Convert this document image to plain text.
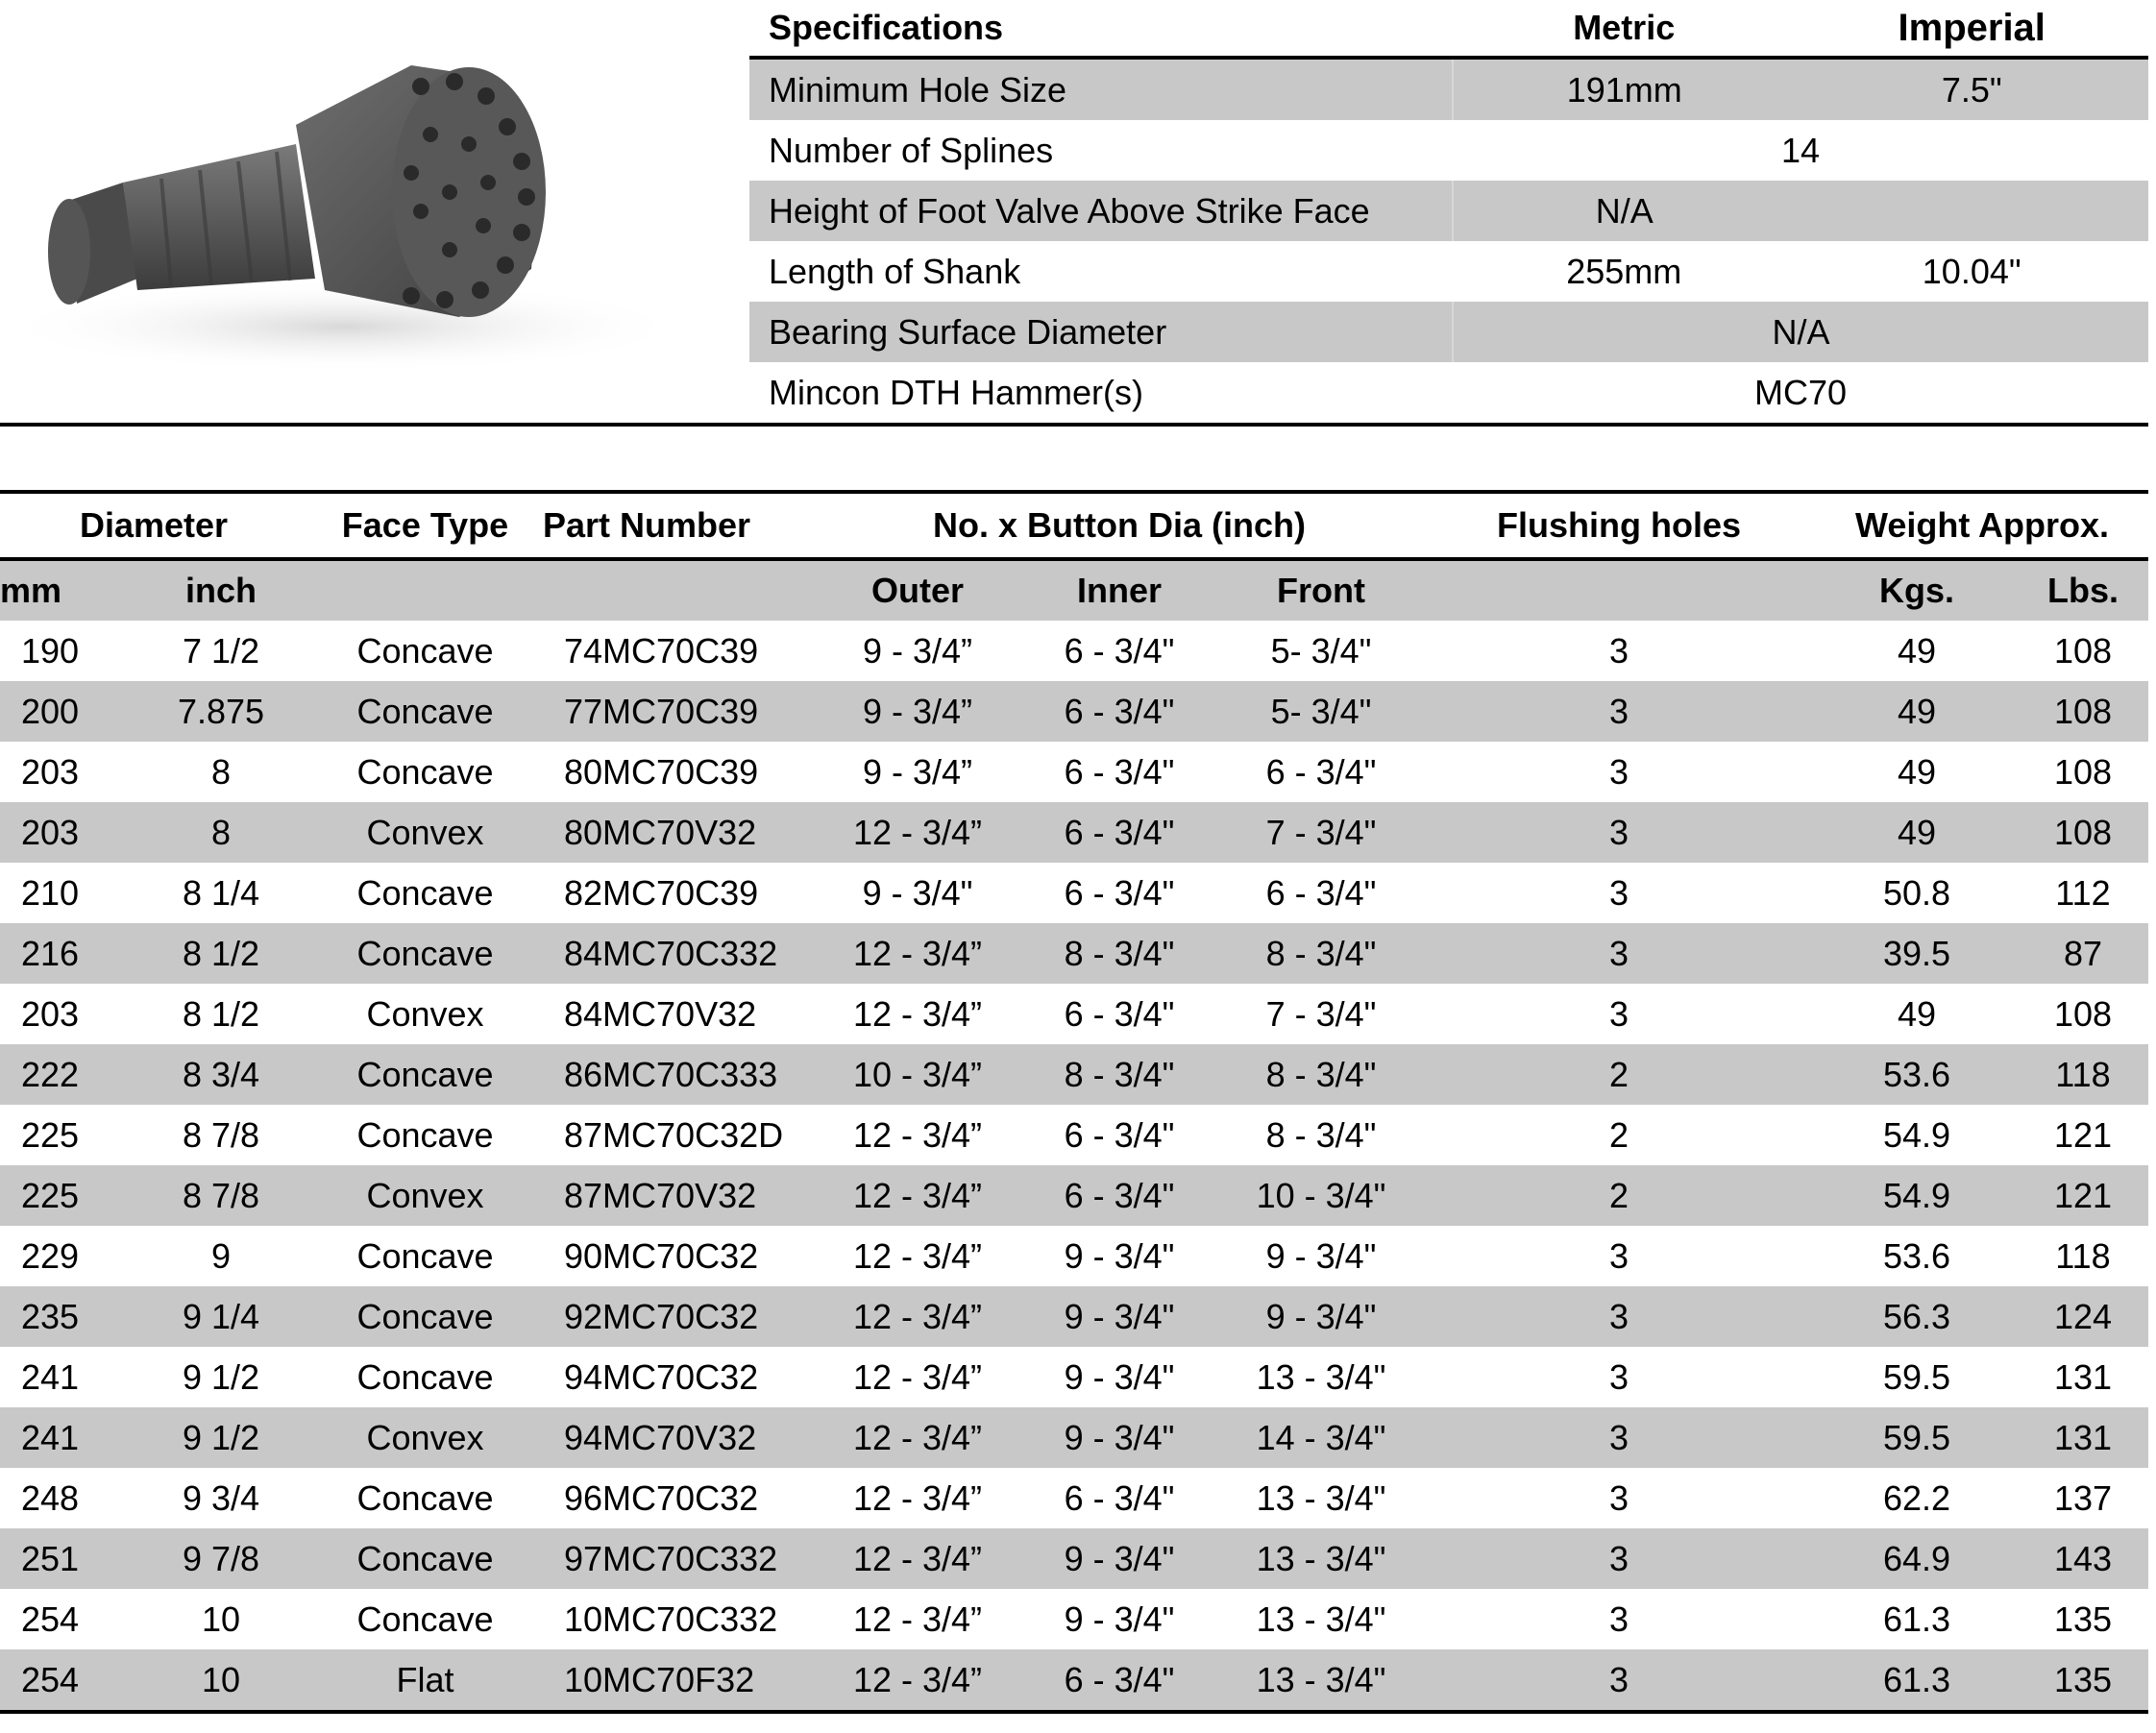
Specifications	Metric	Imperial
Minimum Hole Size	191mm	7.5"
Number of Splines	14	
Height of Foot Valve Above Strike Face	N/A	
Length of Shank	255mm	10.04"
Bearing Surface Diameter	N/A	
Mincon DTH Hammer(s)	MC70	
Diameter		Face Type	Part Number	No. x Button Dia (inch)			Flushing holes	Weight Approx.	
mm	inch			Outer	Inner	Front		Kgs.	Lbs.
190	7 1/2	Concave	74MC70C39	9 - 3/4”	6 - 3/4"	5- 3/4"	3	49	108
200	7.875	Concave	77MC70C39	9 - 3/4”	6 - 3/4"	5- 3/4"	3	49	108
203	8	Concave	80MC70C39	9 - 3/4”	6 - 3/4"	6 - 3/4"	3	49	108
203	8	Convex	80MC70V32	12 - 3/4”	6 - 3/4"	7 - 3/4"	3	49	108
210	8 1/4	Concave	82MC70C39	9 - 3/4"	6 - 3/4"	6 - 3/4"	3	50.8	112
216	8 1/2	Concave	84MC70C332	12 - 3/4”	8 - 3/4"	8 - 3/4"	3	39.5	87
203	8 1/2	Convex	84MC70V32	12 - 3/4”	6 - 3/4"	7 - 3/4"	3	49	108
222	8 3/4	Concave	86MC70C333	10 - 3/4”	8 - 3/4"	8 - 3/4"	2	53.6	118
225	8 7/8	Concave	87MC70C32D	12 - 3/4”	6 - 3/4"	8 - 3/4"	2	54.9	121
225	8 7/8	Convex	87MC70V32	12 - 3/4”	6 - 3/4"	10 - 3/4"	2	54.9	121
229	9	Concave	90MC70C32	12 - 3/4”	9 - 3/4"	9 - 3/4"	3	53.6	118
235	9 1/4	Concave	92MC70C32	12 - 3/4”	9 - 3/4"	9 - 3/4"	3	56.3	124
241	9 1/2	Concave	94MC70C32	12 - 3/4”	9 - 3/4"	13 - 3/4"	3	59.5	131
241	9 1/2	Convex	94MC70V32	12 - 3/4”	9 - 3/4"	14 - 3/4"	3	59.5	131
248	9 3/4	Concave	96MC70C32	12 - 3/4”	6 - 3/4"	13 - 3/4"	3	62.2	137
251	9 7/8	Concave	97MC70C332	12 - 3/4”	9 - 3/4"	13 - 3/4"	3	64.9	143
254	10	Concave	10MC70C332	12 - 3/4”	9 - 3/4"	13 - 3/4"	3	61.3	135
254	10	Flat	10MC70F32	12 - 3/4”	6 - 3/4"	13 - 3/4"	3	61.3	135
